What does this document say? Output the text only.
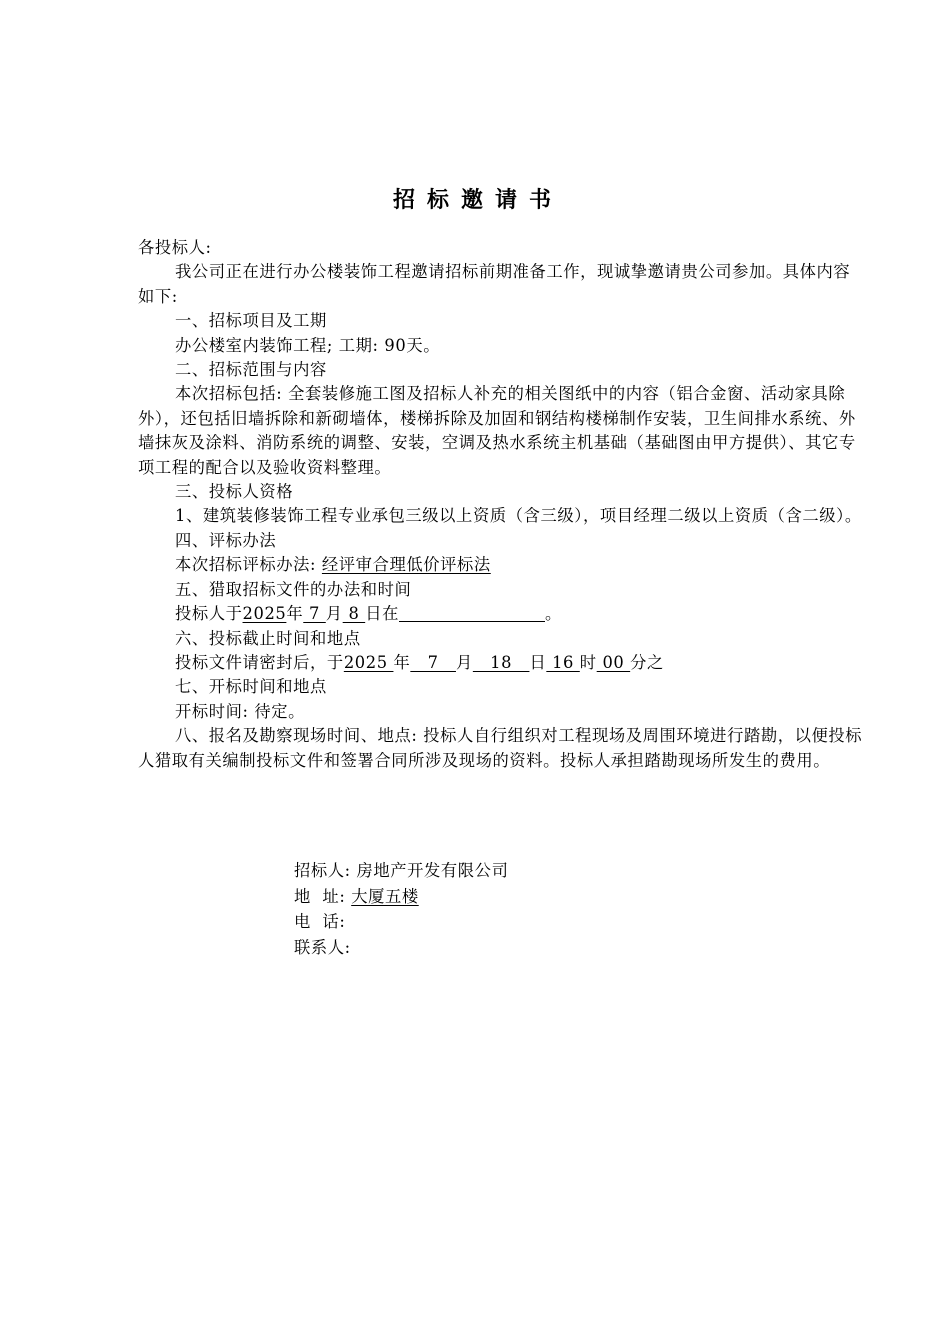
招标邀请书

各投标人:

我公司正在进行办公楼装饰工程邀请招标前期准备工作，现诚挚邀请贵公司参加。具体内容如下:

一、招标项目及工期

办公楼室内装饰工程; 工期: 90天。

二、招标范围与内容

本次招标包括: 全套装修施工图及招标人补充的相关图纸中的内容（铝合金窗、活动家具除外），还包括旧墙拆除和新砌墙体，楼梯拆除及加固和钢结构楼梯制作安装，卫生间排水系统、外墙抹灰及涂料、消防系统的调整、安装，空调及热水系统主机基础（基础图由甲方提供）、其它专项工程的配合以及验收资料整理。

三、投标人资格

1、建筑装修装饰工程专业承包三级以上资质（含三级），项目经理二级以上资质（含二级）。

四、评标办法

本次招标评标办法: 经评审合理低价评标法

五、猎取招标文件的办法和时间

投标人于2025年 7 月 8 日在	。

六、投标截止时间和地点

投标文件请密封后，于2025 年   7   月   18   日 16 时 00 分之

七、开标时间和地点

开标时间: 待定。

八、报名及勘察现场时间、地点: 投标人自行组织对工程现场及周围环境进行踏勘，以便投标人猎取有关编制投标文件和签署合同所涉及现场的资料。投标人承担踏勘现场所发生的费用。

招标人: 房地产开发有限公司

地  址: 大厦五楼

电  话:

联系人:
